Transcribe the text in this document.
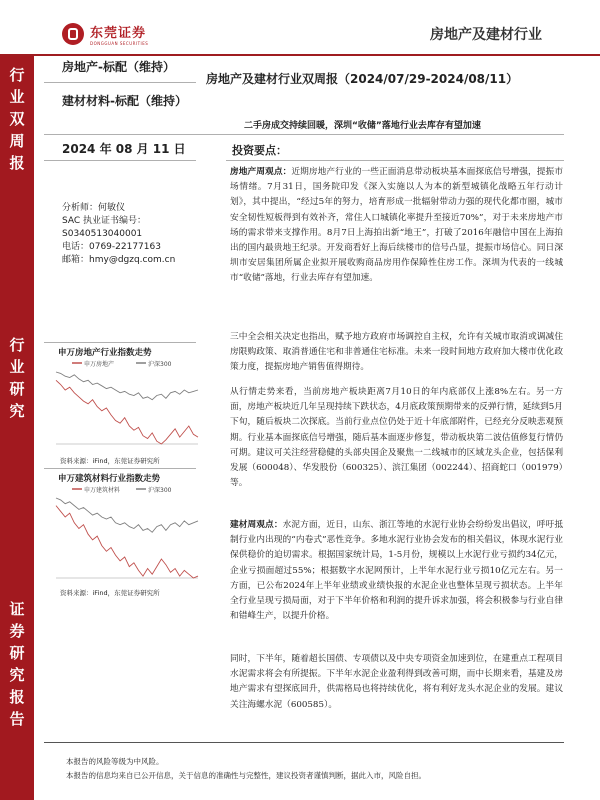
东莞证券
DONGGUAN SECURITIES
房地产及建材行业
行
业
双
周
报
行
业
研
究
证
券
研
究
报
告
房地产-标配（维持）
建材材料-标配（维持）
房地产及建材行业双周报（2024/07/29-2024/08/11）
二手房成交持续回暖，深圳“收储”落地行业去库存有望加速
2024 年 08 月 11 日	投资要点：
分析师：何敏仪
SAC 执业证书编号：
S0340513040001
电话：0769-22177163
邮箱：hmy@dgzq.com.cn
申万房地产行业指数走势
申万房地产	沪深300
资料来源：iFind，东莞证券研究所
申万建筑材料行业指数走势
申万建筑材料	沪深300
资料来源：iFind，东莞证券研究所
房地产周观点：近期房地产行业的一些正面消息带动板块基本面探底信号增强，提振市场情绪。7月31日，国务院印发《深入实施以人为本的新型城镇化战略五年行动计划》，其中提出，“经过5年的努力，培育形成一批辐射带动力强的现代化都市圈，城市安全韧性短板得到有效补齐，常住人口城镇化率提升至接近70%”，对于未来房地产市场的需求带来支撑作用。8月7日上海拍出新“地王”，打破了2016年融信中国在上海拍出的国内最贵地王纪录。开发商看好上海后续楼市的信号凸显，提振市场信心。同日深圳市安居集团所属企业拟开展收购商品房用作保障性住房工作。深圳为代表的一线城市“收储”落地，行业去库存有望加速。
三中全会相关决定也指出，赋予地方政府市场调控自主权，允许有关城市取消或调减住房限购政策、取消普通住宅和非普通住宅标准。未来一段时间地方政府加大楼市优化政策力度，提振房地产销售值得期待。
从行情走势来看，当前房地产板块距离7月10日的年内底部仅上涨8%左右。另一方面，房地产板块近几年呈现持续下跌状态，4月底政策预期带来的反弹行情，延续到5月下旬，随后板块二次探底。当前行业点位仍处于近十年底部附件，已经充分反映悲观预期。行业基本面探底信号增强，随后基本面逐步修复，带动板块第二波估值修复行情仍可期。建议可关注经营稳健的头部央国企及聚焦一二线城市的区域龙头企业，包括保利发展（600048）、华发股份（600325）、滨江集团（002244）、招商蛇口（001979）等。
建材周观点：水泥方面，近日，山东、浙江等地的水泥行业协会纷纷发出倡议，呼吁抵制行业内出现的“内卷式”恶性竞争。多地水泥行业协会发布的相关倡议，体现水泥行业保供稳价的迫切需求。根据国家统计局，1-5月份，规模以上水泥行业亏损约34亿元，企业亏损面超过55%；根据数字水泥网预计，上半年水泥行业亏损10亿元左右。另一方面，已公布2024年上半年业绩或业绩快报的水泥企业也整体呈现亏损状态。上半年全行业呈现亏损局面，对于下半年价格和利润的提升诉求加强，将会积极参与行业自律和错峰生产，以提升价格。
同时，下半年，随着超长国债、专项债以及中央专项资金加速到位，在建重点工程项目水泥需求将会有所提振。下半年水泥企业盈利得到改善可期，而中长期来看，基建及房地产需求有望探底回升，供需格局也将持续优化，将有利好龙头水泥企业的发展。建议关注海螺水泥（600585）。
本报告的风险等级为中风险。
本报告的信息均来自已公开信息，关于信息的准确性与完整性，建议投资者谨慎判断，据此入市，风险自担。
